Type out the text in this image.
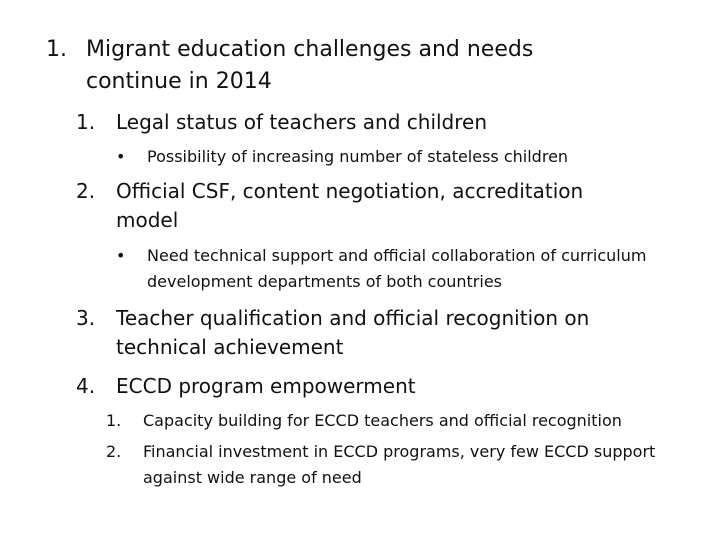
1. Migrant education challenges and needs continue in 2014
1.	Legal status of teachers and children
•	Possibility of increasing number of stateless children
2.	Official CSF, content negotiation, accreditation model
•	Need technical support and official collaboration of curriculum development departments of both countries
3.	Teacher qualification and official recognition on technical achievement
4.	ECCD program empowerment
1.	Capacity building for ECCD teachers and official recognition
2.	Financial investment in ECCD programs, very few ECCD support against wide range of need
